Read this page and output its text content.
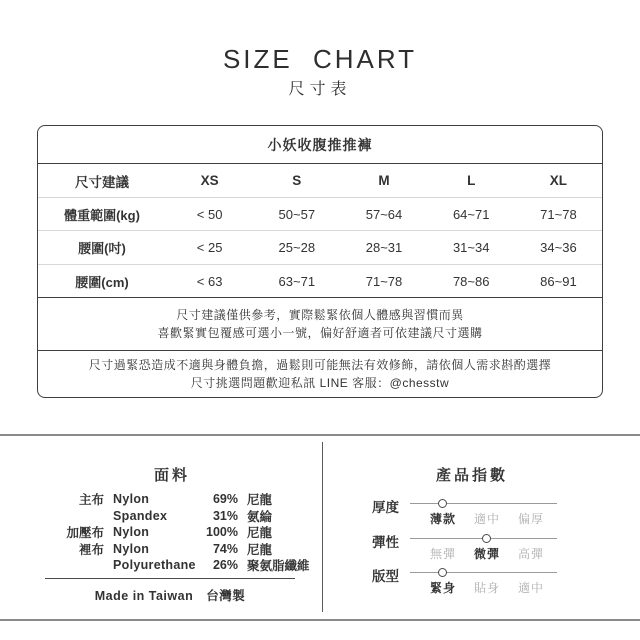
SIZE CHART
尺寸表
小妖收腹推推褲
尺寸建議	XS	S	M	L	XL
體重範圍(kg)	< 50	50~57	57~64	64~71	71~78
腰圍(吋)	< 25	25~28	28~31	31~34	34~36
腰圍(cm)	< 63	63~71	71~78	78~86	86~91
尺寸建議僅供參考，實際鬆緊依個人體感與習慣而異
喜歡緊實包覆感可選小一號，偏好舒適者可依建議尺寸選購
尺寸過緊恐造成不適與身體負擔，過鬆則可能無法有效修飾，請依個人需求斟酌選擇
尺寸挑選問題歡迎私訊 LINE 客服：@chesstw
面料
主布 Nylon	69% 尼龍
Spandex	31% 氨綸
加壓布 Nylon	100% 尼龍
裡布 Nylon	74% 尼龍
Polyurethane	26% 聚氨脂纖維
Made in Taiwan　台灣製
產品指數
厚度
薄款	適中	偏厚
彈性
無彈	微彈	高彈
版型
緊身	貼身	適中
